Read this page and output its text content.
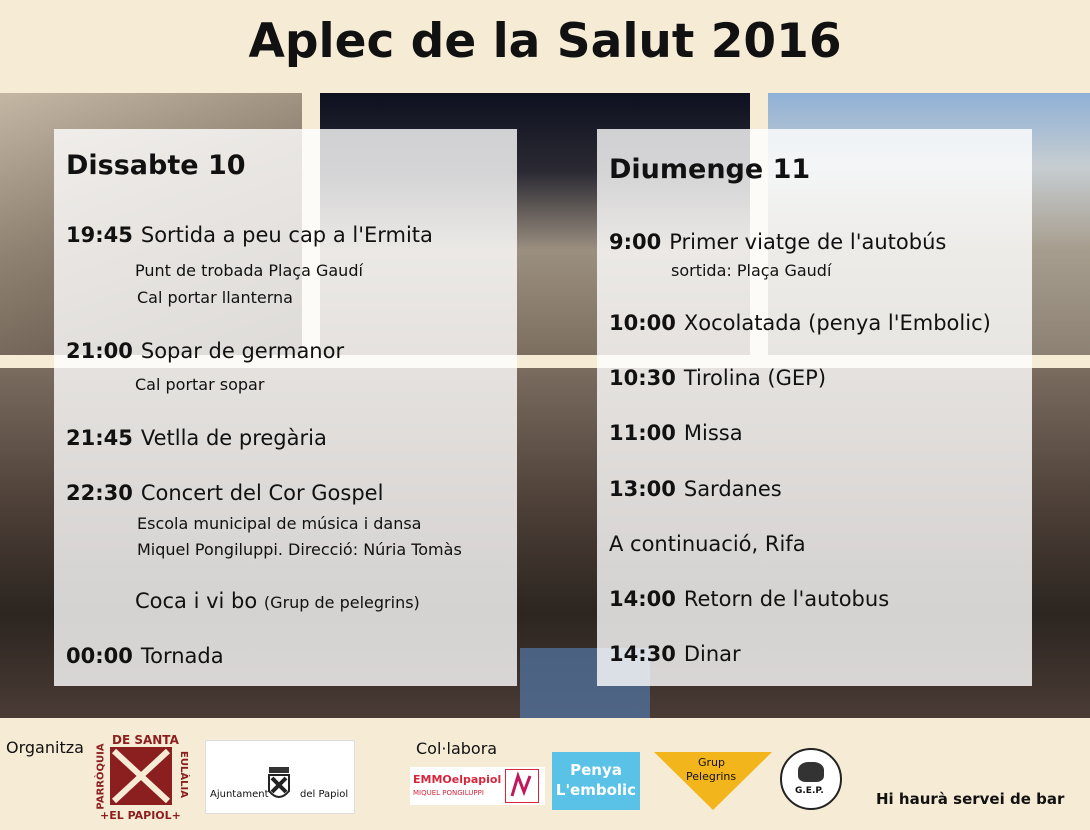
Aplec de la Salut 2016
Dissabte 10
19:45 Sortida a peu cap a l'Ermita
Punt de trobada Plaça Gaudí
Cal portar llanterna
21:00 Sopar de germanor
Cal portar sopar
21:45 Vetlla de pregària
22:30 Concert del Cor Gospel
Escola municipal de música i dansa
Miquel Pongiluppi. Direcció: Núria Tomàs
Coca i vi bo (Grup de pelegrins)
00:00 Tornada
Diumenge 11
9:00 Primer viatge de l'autobús
sortida: Plaça Gaudí
10:00 Xocolatada (penya l'Embolic)
10:30 Tirolina (GEP)
11:00 Missa
13:00 Sardanes
A continuació, Rifa
14:00 Retorn de l'autobus
14:30 Dinar
Organitza DE SANTA
PARRÒQUIA	EULÀLIA
+EL PAPIOL+
Ajuntament	del Papiol
Col·labora
EMMOelpapiol
MIQUEL PONGILUPPI
Penya
L'embolic
Grup
Pelegrins
G.E.P.	Hi haurà servei de bar
